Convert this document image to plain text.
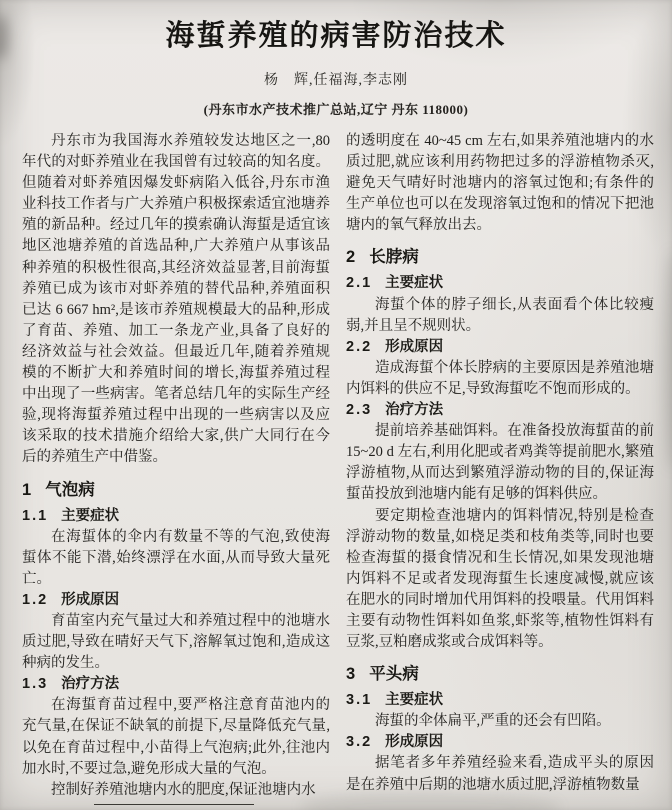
海蜇养殖的病害防治技术
杨　辉,任福海,李志刚
(丹东市水产技术推广总站,辽宁 丹东 118000)

丹东市为我国海水养殖较发达地区之一,80年代的对虾养殖业在我国曾有过较高的知名度。但随着对虾养殖因爆发虾病陷入低谷,丹东市渔业科技工作者与广大养殖户积极探索适宜池塘养殖的新品种。经过几年的摸索确认海蜇是适宜该地区池塘养殖的首选品种,广大养殖户从事该品种养殖的积极性很高,其经济效益显著,目前海蜇养殖已成为该市对虾养殖的替代品种,养殖面积已达 6 667 hm²,是该市养殖规模最大的品种,形成了育苗、养殖、加工一条龙产业,具备了良好的经济效益与社会效益。但最近几年,随着养殖规模的不断扩大和养殖时间的增长,海蜇养殖过程中出现了一些病害。笔者总结几年的实际生产经验,现将海蜇养殖过程中出现的一些病害以及应该采取的技术措施介绍给大家,供广大同行在今后的养殖生产中借鉴。

1 气泡病
1.1 主要症状

在海蜇体的伞内有数量不等的气泡,致使海蜇体不能下潜,始终漂浮在水面,从而导致大量死亡。

1.2 形成原因

育苗室内充气量过大和养殖过程中的池塘水质过肥,导致在晴好天气下,溶解氧过饱和,造成这种病的发生。

1.3 治疗方法

在海蜇育苗过程中,要严格注意育苗池内的充气量,在保证不缺氧的前提下,尽量降低充气量,以免在育苗过程中,小苗得上气泡病;此外,往池内加水时,不要过急,避免形成大量的气泡。

控制好养殖池塘内水的肥度,保证池塘内水

的透明度在 40~45 cm 左右,如果养殖池塘内的水质过肥,就应该利用药物把过多的浮游植物杀灭,避免天气晴好时池塘内的溶氧过饱和;有条件的生产单位也可以在发现溶氧过饱和的情况下把池塘内的氧气释放出去。

2 长脖病
2.1 主要症状

海蜇个体的脖子细长,从表面看个体比较瘦弱,并且呈不规则状。

2.2 形成原因

造成海蜇个体长脖病的主要原因是养殖池塘内饵料的供应不足,导致海蜇吃不饱而形成的。

2.3 治疗方法

提前培养基础饵料。在准备投放海蜇苗的前15~20 d 左右,利用化肥或者鸡粪等提前肥水,繁殖浮游植物,从而达到繁殖浮游动物的目的,保证海蜇苗投放到池塘内能有足够的饵料供应。

要定期检查池塘内的饵料情况,特别是检查浮游动物的数量,如桡足类和枝角类等,同时也要检查海蜇的摄食情况和生长情况,如果发现池塘内饵料不足或者发现海蜇生长速度减慢,就应该在肥水的同时增加代用饵料的投喂量。代用饵料主要有动物性饵料如鱼浆,虾浆等,植物性饵料有豆浆,豆粕磨成浆或合成饵料等。

3 平头病
3.1 主要症状

海蜇的伞体扁平,严重的还会有凹陷。

3.2 形成原因

据笔者多年养殖经验来看,造成平头的原因是在养殖中后期的池塘水质过肥,浮游植物数量
